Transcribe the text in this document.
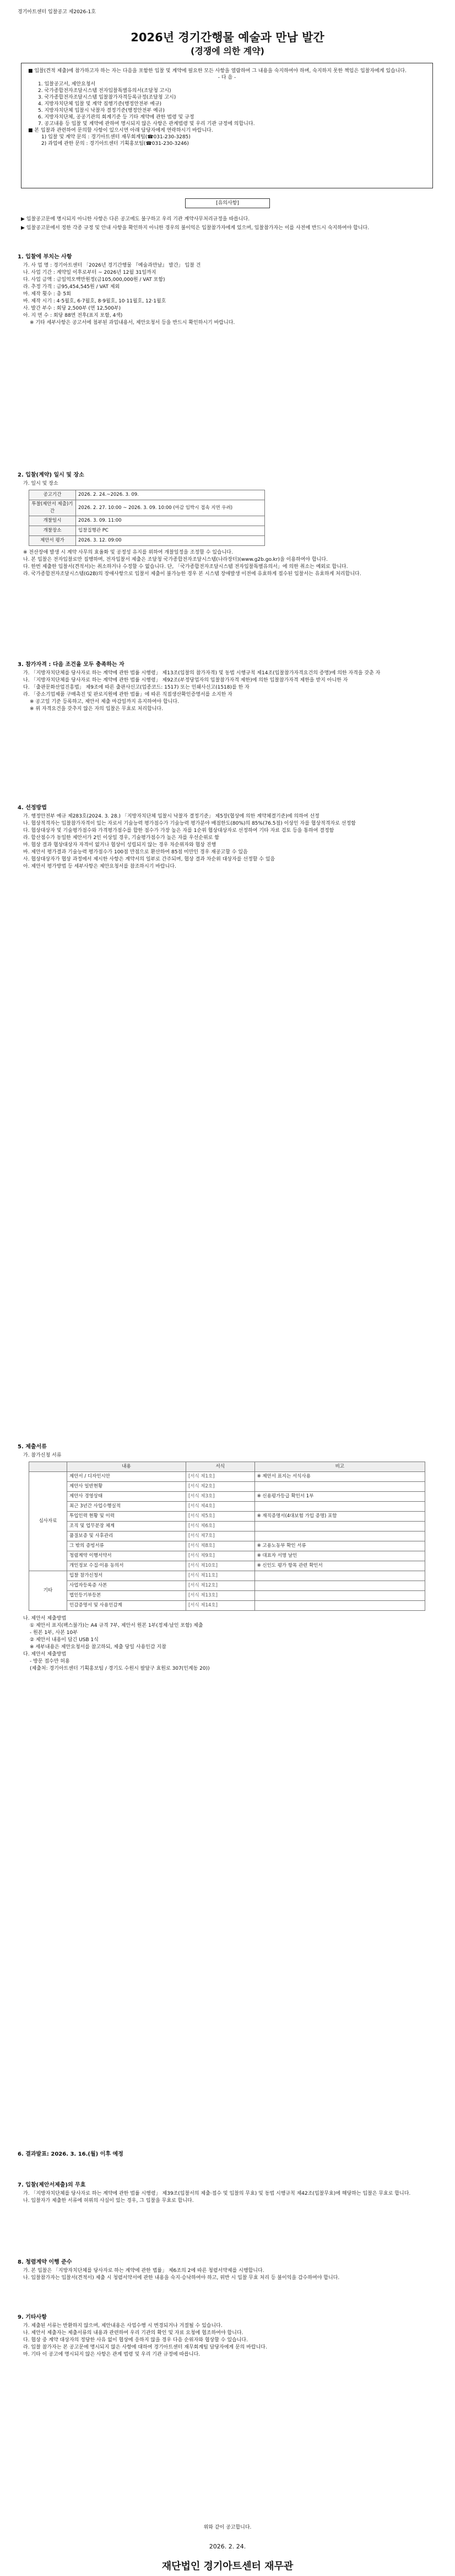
경기아트센터 입찰공고 제2026-1호
2026년 경기간행물 예술과 만남 발간
(경쟁에 의한 계약)

■ 입찰(견적 제출)에 참가하고자 하는 자는 다음을 포함한 입찰 및 계약에 필요한 모든 사항을 열람하여 그 내용을 숙지하여야 하며, 숙지하지 못한 책임은 입찰자에게 있습니다.

- 다 음 -

1. 입찰공고서, 제안요청서

2. 국가종합전자조달시스템 전자입찰특별유의서(조달청 고시)

3. 국가종합전자조달시스템 입찰참가자격등록규정(조달청 고시)

4. 지방자치단체 입찰 및 계약 집행기준(행정안전부 예규)

5. 지방자치단체 입찰시 낙찰자 결정기준(행정안전부 예규)

6. 지방자치단체, 공공기관의 회계기준 등 기타 계약에 관한 법령 및 규정

7. 공고내용 등 입찰 및 계약에 관하여 명시되지 않은 사항은 관계법령 및 우리 기관 규정에 의합니다.

■ 본 입찰과 관련하여 문의할 사항이 있으시면 아래 담당자에게 연락하시기 바랍니다.

1) 입찰 및 계약 문의 : 경기아트센터 재무회계팀(☎031-230-3285)

2) 과업에 관한 문의 : 경기아트센터 기획홍보팀(☎031-230-3246)

[유의사항]

▶ 입찰공고문에 명시되지 아니한 사항은 다른 공고에도 불구하고 우리 기관 계약사무처리규정을 따릅니다.

▶ 입찰공고문에서 정한 각종 규정 및 안내 사항을 확인하지 아니한 경우의 불이익은 입찰참가자에게 있으며, 입찰참가자는 이를 사전에 반드시 숙지하여야 합니다.

1. 입찰에 부치는 사항

가. 사 업 명 : 경기아트센터 「2026년 경기간행물 『예술과만남』 발간」 입찰 건

나. 사업 기간 : 계약일 이후로부터 ~ 2026년 12월 31일까지

다. 사업 금액 : 금일억오백만원정(금105,000,000원 / VAT 포함)

라. 추정 가격 : 금95,454,545원 / VAT 제외

마. 제작 횟수 : 총 5회

바. 제작 시기 : 4·5월호, 6·7월호, 8·9월호, 10·11월호, 12·1월호

사. 발간 부수 : 회당 2,500부 (연 12,500부)

아. 지 면 수 : 회당 88면 전후(표지 포함, 4색)

※ 기타 세부사항은 공고서에 첨부된 과업내용서, 제안요청서 등을 반드시 확인하시기 바랍니다.

2. 입찰(계약) 일시 및 장소

가. 일시 및 장소

공고기간	2026. 2. 24.~2026. 3. 09.
투찰(제안서 제출)기간	2026. 2. 27. 10:00 ~ 2026. 3. 09. 10:00 (마감 임박시 접속 지연 우려)
개찰일시	2026. 3. 09. 11:00
개찰장소	입찰집행관 PC
제안서 평가	2026. 3. 12. 09:00

※ 전산장애 발생 시 계약 사무의 효율화 및 공정성 유지를 위하여 개찰일정을 조정할 수 있습니다.

나. 본 입찰은 전자입찰로만 집행하며, 전자입찰서 제출은 조달청 국가종합전자조달시스템(나라장터)(www.g2b.go.kr)을 이용하여야 합니다.

다. 한번 제출한 입찰서(견적서)는 취소하거나 수정할 수 없습니다. 단, 「국가종합전자조달시스템 전자입찰특별유의서」에 의한 취소는 예외로 합니다.

라. 국가종합전자조달시스템(G2B)의 장애사항으로 입찰서 제출이 불가능한 경우 본 시스템 장애발생 이전에 유효하게 접수된 입찰서는 유효하게 처리합니다.

3. 참가자격 : 다음 조건을 모두 충족하는 자

가. 「지방자치단체를 당사자로 하는 계약에 관한 법률 시행령」 제13조(입찰의 참가자격) 및 동법 시행규칙 제14조(입찰참가자격요건의 증명)에 의한 자격을 갖춘 자

나. 「지방자치단체를 당사자로 하는 계약에 관한 법률 시행령」 제92조(부정당업자의 입찰참가자격 제한)에 의한 입찰참가자격 제한을 받지 아니한 자

다. 「출판문화산업진흥법」 제9조에 따른 출판사신고(업종코드: 1517) 또는 인쇄사신고(1518)를 한 자

라. 「중소기업제품 구매촉진 및 판로지원에 관한 법률」에 따른 직접생산확인증명서를 소지한 자

※ 공고일 기준 등록하고, 제안서 제출 마감일까지 유지하여야 합니다.

※ 위 자격요건을 갖추지 않은 자의 입찰은 무효로 처리합니다.

4. 선정방법

가. 행정안전부 예규 제283호(2024. 3. 28.) 「지방자치단체 입찰시 낙찰자 결정기준」 제5장(협상에 의한 계약체결기준)에 의하여 선정

나. 협상적격자는 입찰참가자격이 있는 자로서 기술능력 평가점수가 기술능력 평가분야 배점한도(80%)의 85%(76.5점) 이상인 자를 협상적격자로 선정함

다. 협상대상자 및 기술평가점수와 가격평가점수를 합한 점수가 가장 높은 자를 1순위 협상대상자로 선정하여 기타 자료 검토 등을 통하여 결정함

라. 합산점수가 동일한 제안서가 2인 이상일 경우, 기술평가점수가 높은 자를 우선순위로 함

마. 협상 결과 협상대상자 자격이 없거나 협상이 성립되지 않는 경우 차순위자와 협상 진행

바. 제안서 평가결과 기술능력 평가점수가 100점 만점으로 환산하여 85점 미만인 경우 재공고할 수 있음

사. 협상대상자가 협상 과정에서 제시한 사항은 계약서의 일부로 간주되며, 협상 결과 차순위 대상자를 선정할 수 있음

아. 제안서 평가방법 등 세부사항은 제안요청서를 참조하시기 바랍니다.

5. 제출서류

가. 참가신청 서류

	내용	서식	비고
심사자료	제안서 / 디자인시안	[서식 제1호]	※ 제안서 표지는 서식사용
	제안사 일반현황	[서식 제2호]	
	제안사 경영상태	[서식 제3호]	※ 신용평가등급 확인서 1부
	최근 3년간 사업수행실적	[서식 제4호]	
	투입인력 현황 및 이력	[서식 제5호]	※ 재직증명서(4대보험 가입 증명) 포함
	조직 및 업무분장 체계	[서식 제6호]	
	품질보증 및 사후관리	[서식 제7호]	
	그 밖의 증빙서류	[서식 제8호]	※ 고용노동부 확인 서류
	청렴계약 이행서약서	[서식 제9호]	※ 대표자 서명 날인
	개인정보 수집·이용 동의서	[서식 제10호]	※ 신인도 평가 항목 관련 확인서
기타	입찰 참가신청서	[서식 제11호]	
	사업자등록증 사본	[서식 제12호]	
	법인등기부등본	[서식 제13호]	
	인감증명서 및 사용인감계	[서식 제14호]	

나. 제안서 제출방법

① 제안서 표지(팩스불가)는 A4 규격 7부, 제안서 원본 1부(정제·날인 포함) 제출

- 원본 1부, 사본 10부

② 제안서 내용이 담긴 USB 1식

※ 세부내용은 제안요청서를 참고하되, 제출 당일 사용인감 지참

다. 제안서 제출방법

- 방문 접수만 허용

(제출처: 경기아트센터 기획홍보팀 / 경기도 수원시 팔달구 효원로 307(인계동 20))

6. 결과발표: 2026. 3. 16.(월) 이후 예정

7. 입찰(제안서제출)의 무효

가. 「지방자치단체를 당사자로 하는 계약에 관한 법률 시행령」 제39조(입찰서의 제출·접수 및 입찰의 무효) 및 동법 시행규칙 제42조(입찰무효)에 해당하는 입찰은 무효로 합니다.

나. 입찰자가 제출한 서류에 허위의 사실이 있는 경우, 그 입찰을 무효로 합니다.

8. 청렴계약 이행 준수

가. 본 입찰은 「지방자치단체를 당사자로 하는 계약에 관한 법률」 제6조의 2에 따른 청렴서약제를 시행합니다.

나. 입찰참가자는 입찰서(견적서) 제출 시 청렴서약서에 관한 내용을 숙지·승낙하여야 하고, 위반 시 입찰 무효 처리 등 불이익을 감수하여야 합니다.

9. 기타사항

가. 제출된 서류는 반환하지 않으며, 제안내용은 사업수행 시 변경되거나 거절될 수 있습니다.

나. 제안서 제출자는 제출서류의 내용과 관련하여 우리 기관의 확인 및 자료 요청에 협조하여야 합니다.

다. 협상 중 계약 대상자의 정당한 사유 없이 협상에 응하지 않을 경우 다음 순위자와 협상할 수 있습니다.

라. 입찰 참가자는 본 공고문에 명시되지 않은 사항에 대하여 경기아트센터 재무회계팀 담당자에게 문의 바랍니다.

마. 기타 이 공고에 명시되지 않은 사항은 관계 법령 및 우리 기관 규정에 따릅니다.

위와 같이 공고합니다.
2026. 2. 24.
재단법인 경기아트센터 재무관
